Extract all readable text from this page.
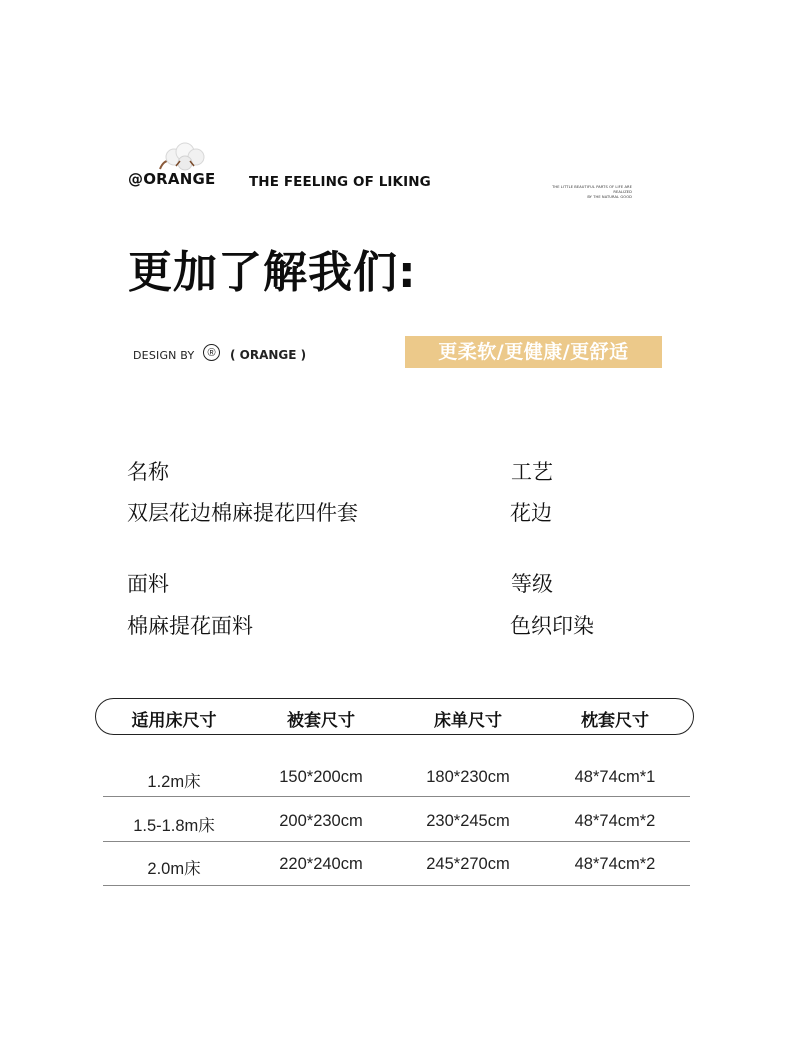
@ORANGE THE FEELING OF LIKING	THE LITTLE BEAUTIFUL PARTS OF LIFE ARE REALIZED
BY THE NATURAL GOOD
更加了解我们:
DESIGN BY	®	( ORANGE )	更柔软/更健康/更舒适
名称
双层花边棉麻提花四件套
工艺
花边
面料
棉麻提花面料
等级
色织印染
适用床尺寸	被套尺寸	床单尺寸	枕套尺寸
1.2m床	150*200cm	180*230cm	48*74cm*1
1.5-1.8m床	200*230cm	230*245cm	48*74cm*2
2.0m床	220*240cm	245*270cm	48*74cm*2
